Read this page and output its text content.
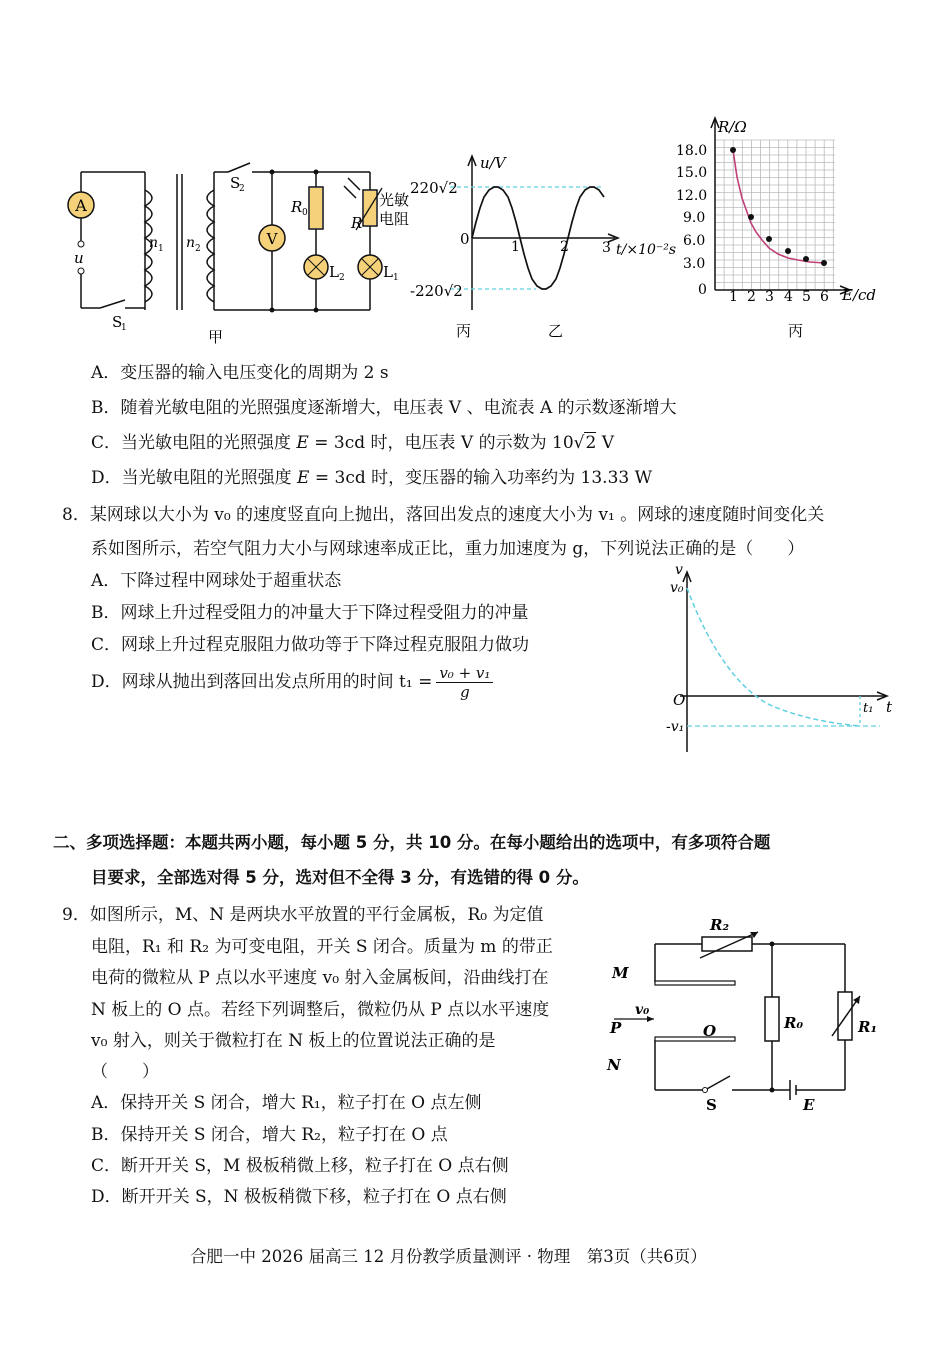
A
u
V
n 1 n 2
S
1
S
2
R 0
R
L 2	L 1
光敏
电阻
甲
u/V
220√2
-220√2
0	1	2 3 t/×10⁻²s
丙	乙
R/Ω
18.0
15.0
12.0
9.0
6.0
3.0
0 1 2 3 4 5 6 E/cd
丙
A．变压器的输入电压变化的周期为 2 s
B．随着光敏电阻的光照强度逐渐增大，电压表 V 、电流表 A 的示数逐渐增大
C．当光敏电阻的光照强度 E = 3cd 时，电压表 V 的示数为 10√2 V
D．当光敏电阻的光照强度 E = 3cd 时，变压器的输入功率约为 13.33 W
8．某网球以大小为 v₀ 的速度竖直向上抛出，落回出发点的速度大小为 v₁ 。网球的速度随时间变化关
系如图所示，若空气阻力大小与网球速率成正比，重力加速度为 g，下列说法正确的是（　　）
A．下降过程中网球处于超重状态
B．网球上升过程受阻力的冲量大于下降过程受阻力的冲量
C．网球上升过程克服阻力做功等于下降过程克服阻力做功
D．网球从抛出到落回出发点所用的时间 $t_1 = \frac{\text{v₀ + v₁}}{g}$
v
v₀
O	t
t₁
-v₁
二、多项选择题：本题共两小题，每小题 5 分，共 10 分。在每小题给出的选项中，有多项符合题
目要求，全部选对得 5 分，选对但不全得 3 分，有选错的得 0 分。
9．如图所示，M、N 是两块水平放置的平行金属板，R₀ 为定值
电阻，R₁ 和 R₂ 为可变电阻，开关 S 闭合。质量为 m 的带正
电荷的微粒从 P 点以水平速度 v₀ 射入金属板间，沿曲线打在
N 板上的 O 点。若经下列调整后，微粒仍从 P 点以水平速度
v₀ 射入，则关于微粒打在 N 板上的位置说法正确的是
（　　）
A．保持开关 S 闭合，增大 R₁，粒子打在 O 点左侧
B．保持开关 S 闭合，增大 R₂，粒子打在 O 点
C．断开开关 S，M 极板稍微上移，粒子打在 O 点右侧
D．断开开关 S，N 极板稍微下移，粒子打在 O 点右侧
R₂
M
v₀
P	O
N
R₀	R₁
S	E
合肥一中 2026 届高三 12 月份教学质量测评 · 物理　第3页（共6页）
